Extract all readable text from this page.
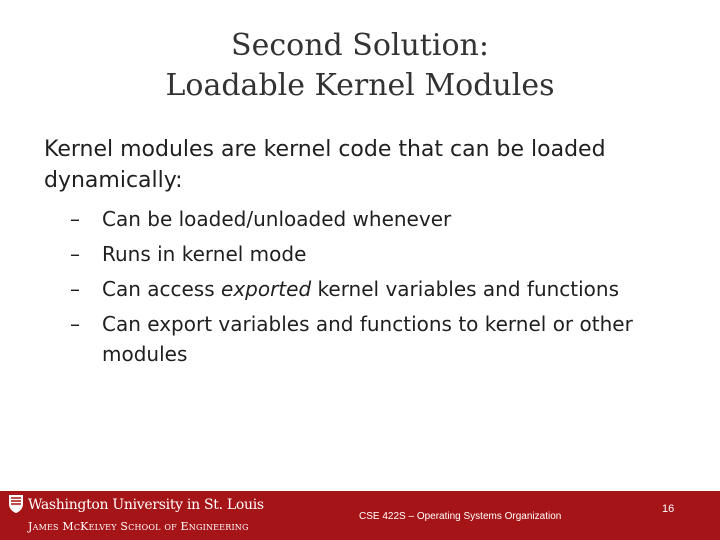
Second Solution:
Loadable Kernel Modules
Kernel modules are kernel code that can be loaded dynamically:
– Can be loaded/unloaded whenever
– Runs in kernel mode
– Can access exported kernel variables and functions
– Can export variables and functions to kernel or other modules
Washington University in St. Louis
James McKelvey School of Engineering
CSE 422S – Operating Systems Organization
16
